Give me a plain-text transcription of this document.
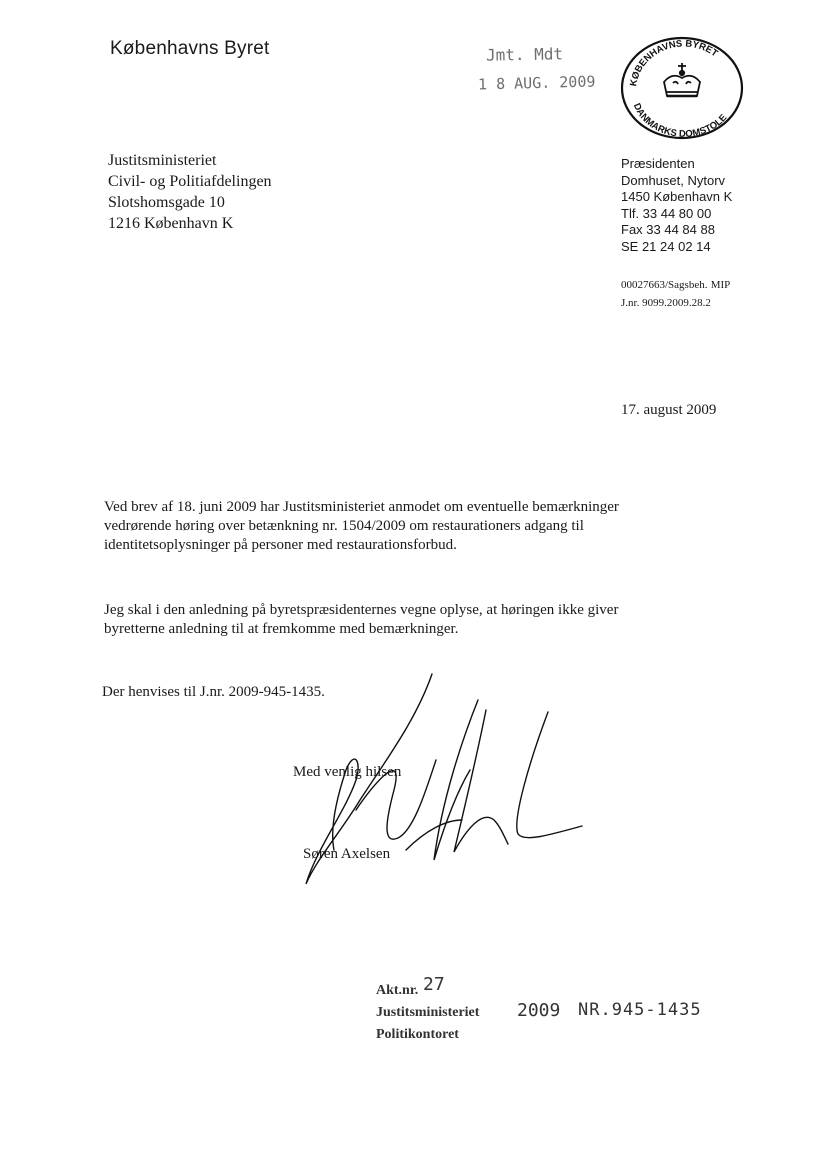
Københavns Byret	Jmt. Mdt
1 8 AUG. 2009	KØBENHAVNS BYRET
DANMARKS DOMSTOLE
Justitsministeriet
Civil- og Politiafdelingen
Slotshomsgade 10
1216 København K
Præsidenten
Domhuset, Nytorv
1450 København K
Tlf. 33 44 80 00
Fax 33 44 84 88
SE 21 24 02 14
00027663/Sagsbeh. MIP
J.nr. 9099.2009.28.2
17. august 2009
Ved brev af 18. juni 2009 har Justitsministeriet anmodet om eventuelle bemærkninger vedrørende høring over betænkning nr. 1504/2009 om restaurationers adgang til identitetsoplysninger på personer med restaurationsforbud.
Jeg skal i den anledning på byretspræsidenternes vegne oplyse, at høringen ikke giver byretterne anledning til at fremkomme med bemærkninger.
Der henvises til J.nr. 2009-945-1435.
Med venlig hilsen
Søren Axelsen
Akt.nr.
Justitsministeriet
Politikontoret
27
2009 NR.945-1435
